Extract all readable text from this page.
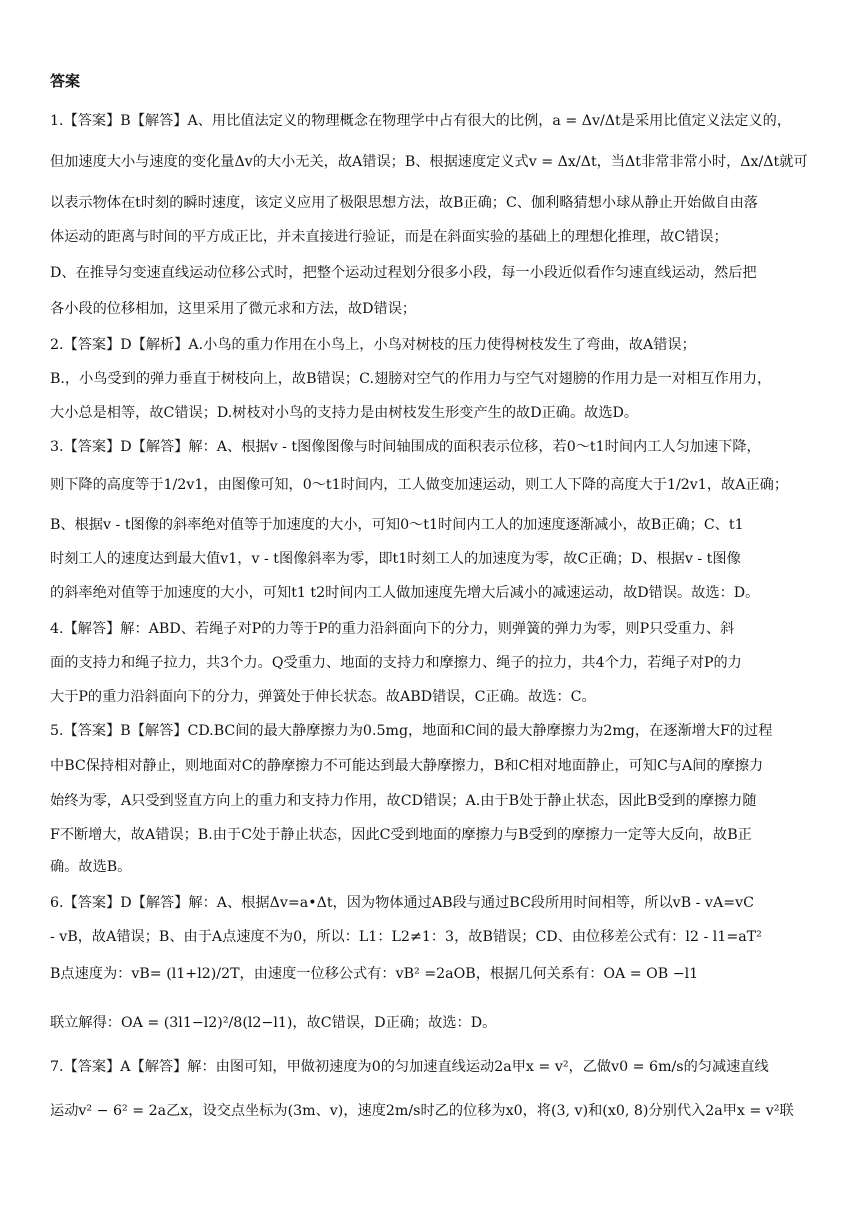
答案
1.【答案】B【解答】A、用比值法定义的物理概念在物理学中占有很大的比例，a = Δv/Δt是采用比值定义法定义的，
但加速度大小与速度的变化量Δv的大小无关，故A错误；B、根据速度定义式v = Δx/Δt，当Δt非常非常小时，Δx/Δt就可
以表示物体在t时刻的瞬时速度，该定义应用了极限思想方法，故B正确；C、伽利略猜想小球从静止开始做自由落
体运动的距离与时间的平方成正比，并未直接进行验证，而是在斜面实验的基础上的理想化推理，故C错误；
D、在推导匀变速直线运动位移公式时，把整个运动过程划分很多小段，每一小段近似看作匀速直线运动，然后把
各小段的位移相加，这里采用了微元求和方法，故D错误；
2.【答案】D【解析】A.小鸟的重力作用在小鸟上，小鸟对树枝的压力使得树枝发生了弯曲，故A错误；
B.，小鸟受到的弹力垂直于树枝向上，故B错误；C.翅膀对空气的作用力与空气对翅膀的作用力是一对相互作用力，
大小总是相等，故C错误；D.树枝对小鸟的支持力是由树枝发生形变产生的故D正确。故选D。
3.【答案】D【解答】解：A、根据v - t图像图像与时间轴围成的面积表示位移，若0～t1时间内工人匀加速下降，
则下降的高度等于1/2v1，由图像可知，0～t1时间内，工人做变加速运动，则工人下降的高度大于1/2v1，故A正确；
B、根据v - t图像的斜率绝对值等于加速度的大小，可知0～t1时间内工人的加速度逐渐减小，故B正确；C、t1
时刻工人的速度达到最大值v1，v - t图像斜率为零，即t1时刻工人的加速度为零，故C正确；D、根据v - t图像
的斜率绝对值等于加速度的大小，可知t1 t2时间内工人做加速度先增大后减小的减速运动，故D错误。故选：D。
4.【解答】解：ABD、若绳子对P的力等于P的重力沿斜面向下的分力，则弹簧的弹力为零，则P只受重力、斜
面的支持力和绳子拉力，共3个力。Q受重力、地面的支持力和摩擦力、绳子的拉力，共4个力，若绳子对P的力
大于P的重力沿斜面向下的分力，弹簧处于伸长状态。故ABD错误，C正确。故选：C。
5.【答案】B【解答】CD.BC间的最大静摩擦力为0.5mg，地面和C间的最大静摩擦力为2mg，在逐渐增大F的过程
中BC保持相对静止，则地面对C的静摩擦力不可能达到最大静摩擦力，B和C相对地面静止，可知C与A间的摩擦力
始终为零，A只受到竖直方向上的重力和支持力作用，故CD错误；A.由于B处于静止状态，因此B受到的摩擦力随
F不断增大，故A错误；B.由于C处于静止状态，因此C受到地面的摩擦力与B受到的摩擦力一定等大反向，故B正
确。故选B。
6.【答案】D【解答】解：A、根据Δv=a•Δt，因为物体通过AB段与通过BC段所用时间相等，所以vB - vA=vC
- vB，故A错误；B、由于A点速度不为0，所以：L1：L2≠1：3，故B错误；CD、由位移差公式有：l2 - l1=aT²
B点速度为：vB= (l1+l2)/2T，由速度一位移公式有：vB² =2aOB，根据几何关系有：OA = OB −l1
联立解得：OA = (3l1−l2)²/8(l2−l1)，故C错误，D正确；故选：D。
7.【答案】A【解答】解：由图可知，甲做初速度为0的匀加速直线运动2a甲x = v²，乙做v0 = 6m/s的匀减速直线
运动v² − 6² = 2a乙x，设交点坐标为(3m、v)，速度2m/s时乙的位移为x0，将(3, v)和(x0, 8)分别代入2a甲x = v²联
